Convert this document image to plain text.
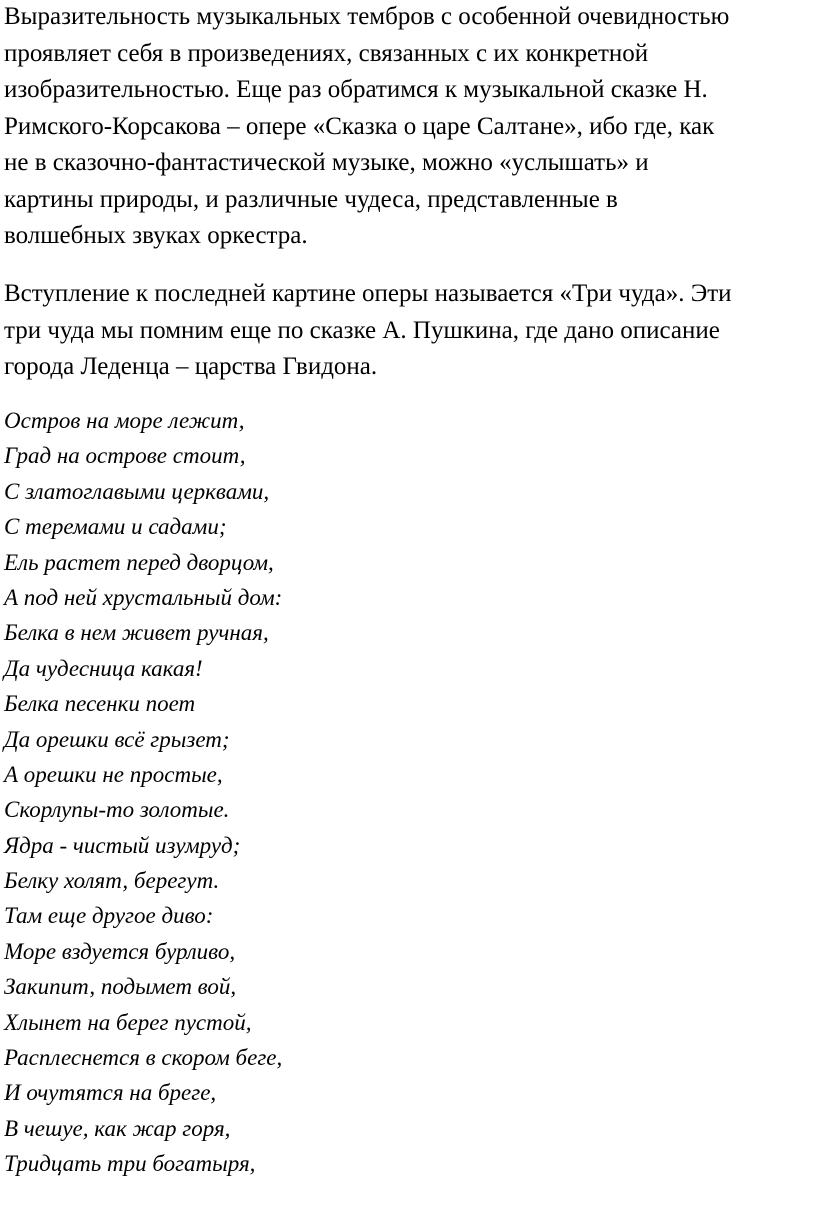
Выразительность музыкальных тембров с особенной очевидностью
проявляет себя в произведениях, связанных с их конкретной
изобразительностью. Еще раз обратимся к музыкальной сказке Н.
Римского-Корсакова – опере «Сказка о царе Салтане», ибо где, как
не в сказочно-фантастической музыке, можно «услышать» и
картины природы, и различные чудеса, представленные в
волшебных звуках оркестра.

Вступление к последней картине оперы называется «Три чуда». Эти
три чуда мы помним еще по сказке А. Пушкина, где дано описание
города Леденца – царства Гвидона.

Остров на море лежит,
Град на острове стоит,
С златоглавыми церквами,
С теремами и садами;
Ель растет перед дворцом,
А под ней хрустальный дом:
Белка в нем живет ручная,
Да чудесница какая!
Белка песенки поет
Да орешки всё грызет;
А орешки не простые,
Скорлупы-то золотые.
Ядра - чистый изумруд;
Белку холят, берегут.
Там еще другое диво:
Море вздуется бурливо,
Закипит, подымет вой,
Хлынет на берег пустой,
Расплеснется в скором беге,
И очутятся на бреге,
В чешуе, как жар горя,
Тридцать три богатыря,
